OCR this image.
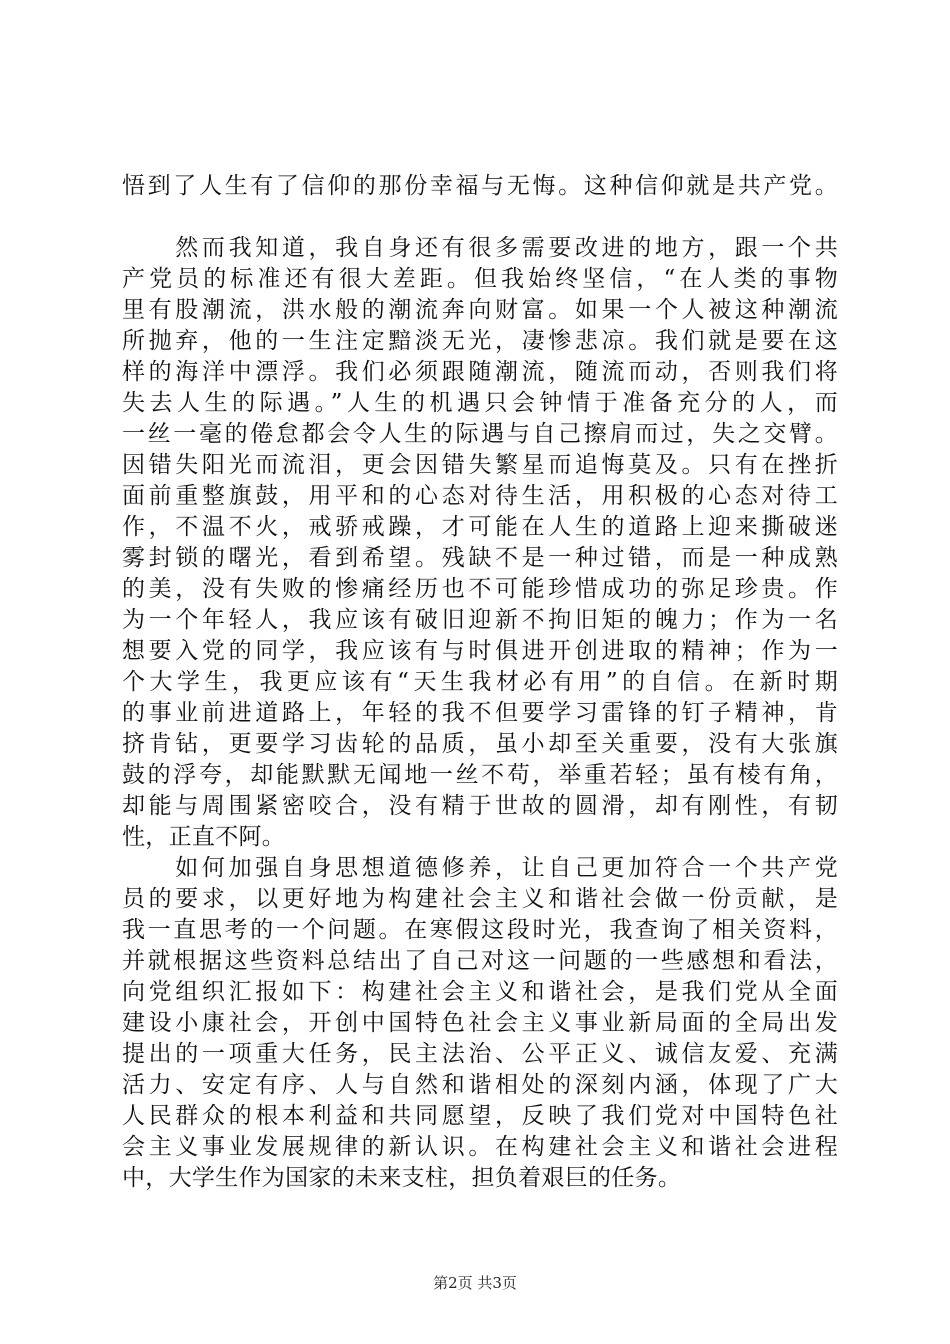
悟到了人生有了信仰的那份幸福与无悔。这种信仰就是共产党。
　　然而我知道，我自身还有很多需要改进的地方，跟一个共
产党员的标准还有很大差距。但我始终坚信，“在人类的事物
里有股潮流，洪水般的潮流奔向财富。如果一个人被这种潮流
所抛弃，他的一生注定黯淡无光，凄惨悲凉。我们就是要在这
样的海洋中漂浮。我们必须跟随潮流，随流而动，否则我们将
失去人生的际遇。”人生的机遇只会钟情于准备充分的人，而
一丝一毫的倦怠都会令人生的际遇与自己擦肩而过，失之交臂。
因错失阳光而流泪，更会因错失繁星而追悔莫及。只有在挫折
面前重整旗鼓，用平和的心态对待生活，用积极的心态对待工
作，不温不火，戒骄戒躁，才可能在人生的道路上迎来撕破迷
雾封锁的曙光，看到希望。残缺不是一种过错，而是一种成熟
的美，没有失败的惨痛经历也不可能珍惜成功的弥足珍贵。作
为一个年轻人，我应该有破旧迎新不拘旧矩的魄力；作为一名
想要入党的同学，我应该有与时俱进开创进取的精神；作为一
个大学生，我更应该有“天生我材必有用”的自信。在新时期
的事业前进道路上，年轻的我不但要学习雷锋的钉子精神，肯
挤肯钻，更要学习齿轮的品质，虽小却至关重要，没有大张旗
鼓的浮夸，却能默默无闻地一丝不苟，举重若轻；虽有棱有角，
却能与周围紧密咬合，没有精于世故的圆滑，却有刚性，有韧
性，正直不阿。
　　如何加强自身思想道德修养，让自己更加符合一个共产党
员的要求，以更好地为构建社会主义和谐社会做一份贡献，是
我一直思考的一个问题。在寒假这段时光，我查询了相关资料，
并就根据这些资料总结出了自己对这一问题的一些感想和看法，
向党组织汇报如下：构建社会主义和谐社会，是我们党从全面
建设小康社会，开创中国特色社会主义事业新局面的全局出发
提出的一项重大任务，民主法治、公平正义、诚信友爱、充满
活力、安定有序、人与自然和谐相处的深刻内涵，体现了广大
人民群众的根本利益和共同愿望，反映了我们党对中国特色社
会主义事业发展规律的新认识。在构建社会主义和谐社会进程
中，大学生作为国家的未来支柱，担负着艰巨的任务。
第2页 共3页
